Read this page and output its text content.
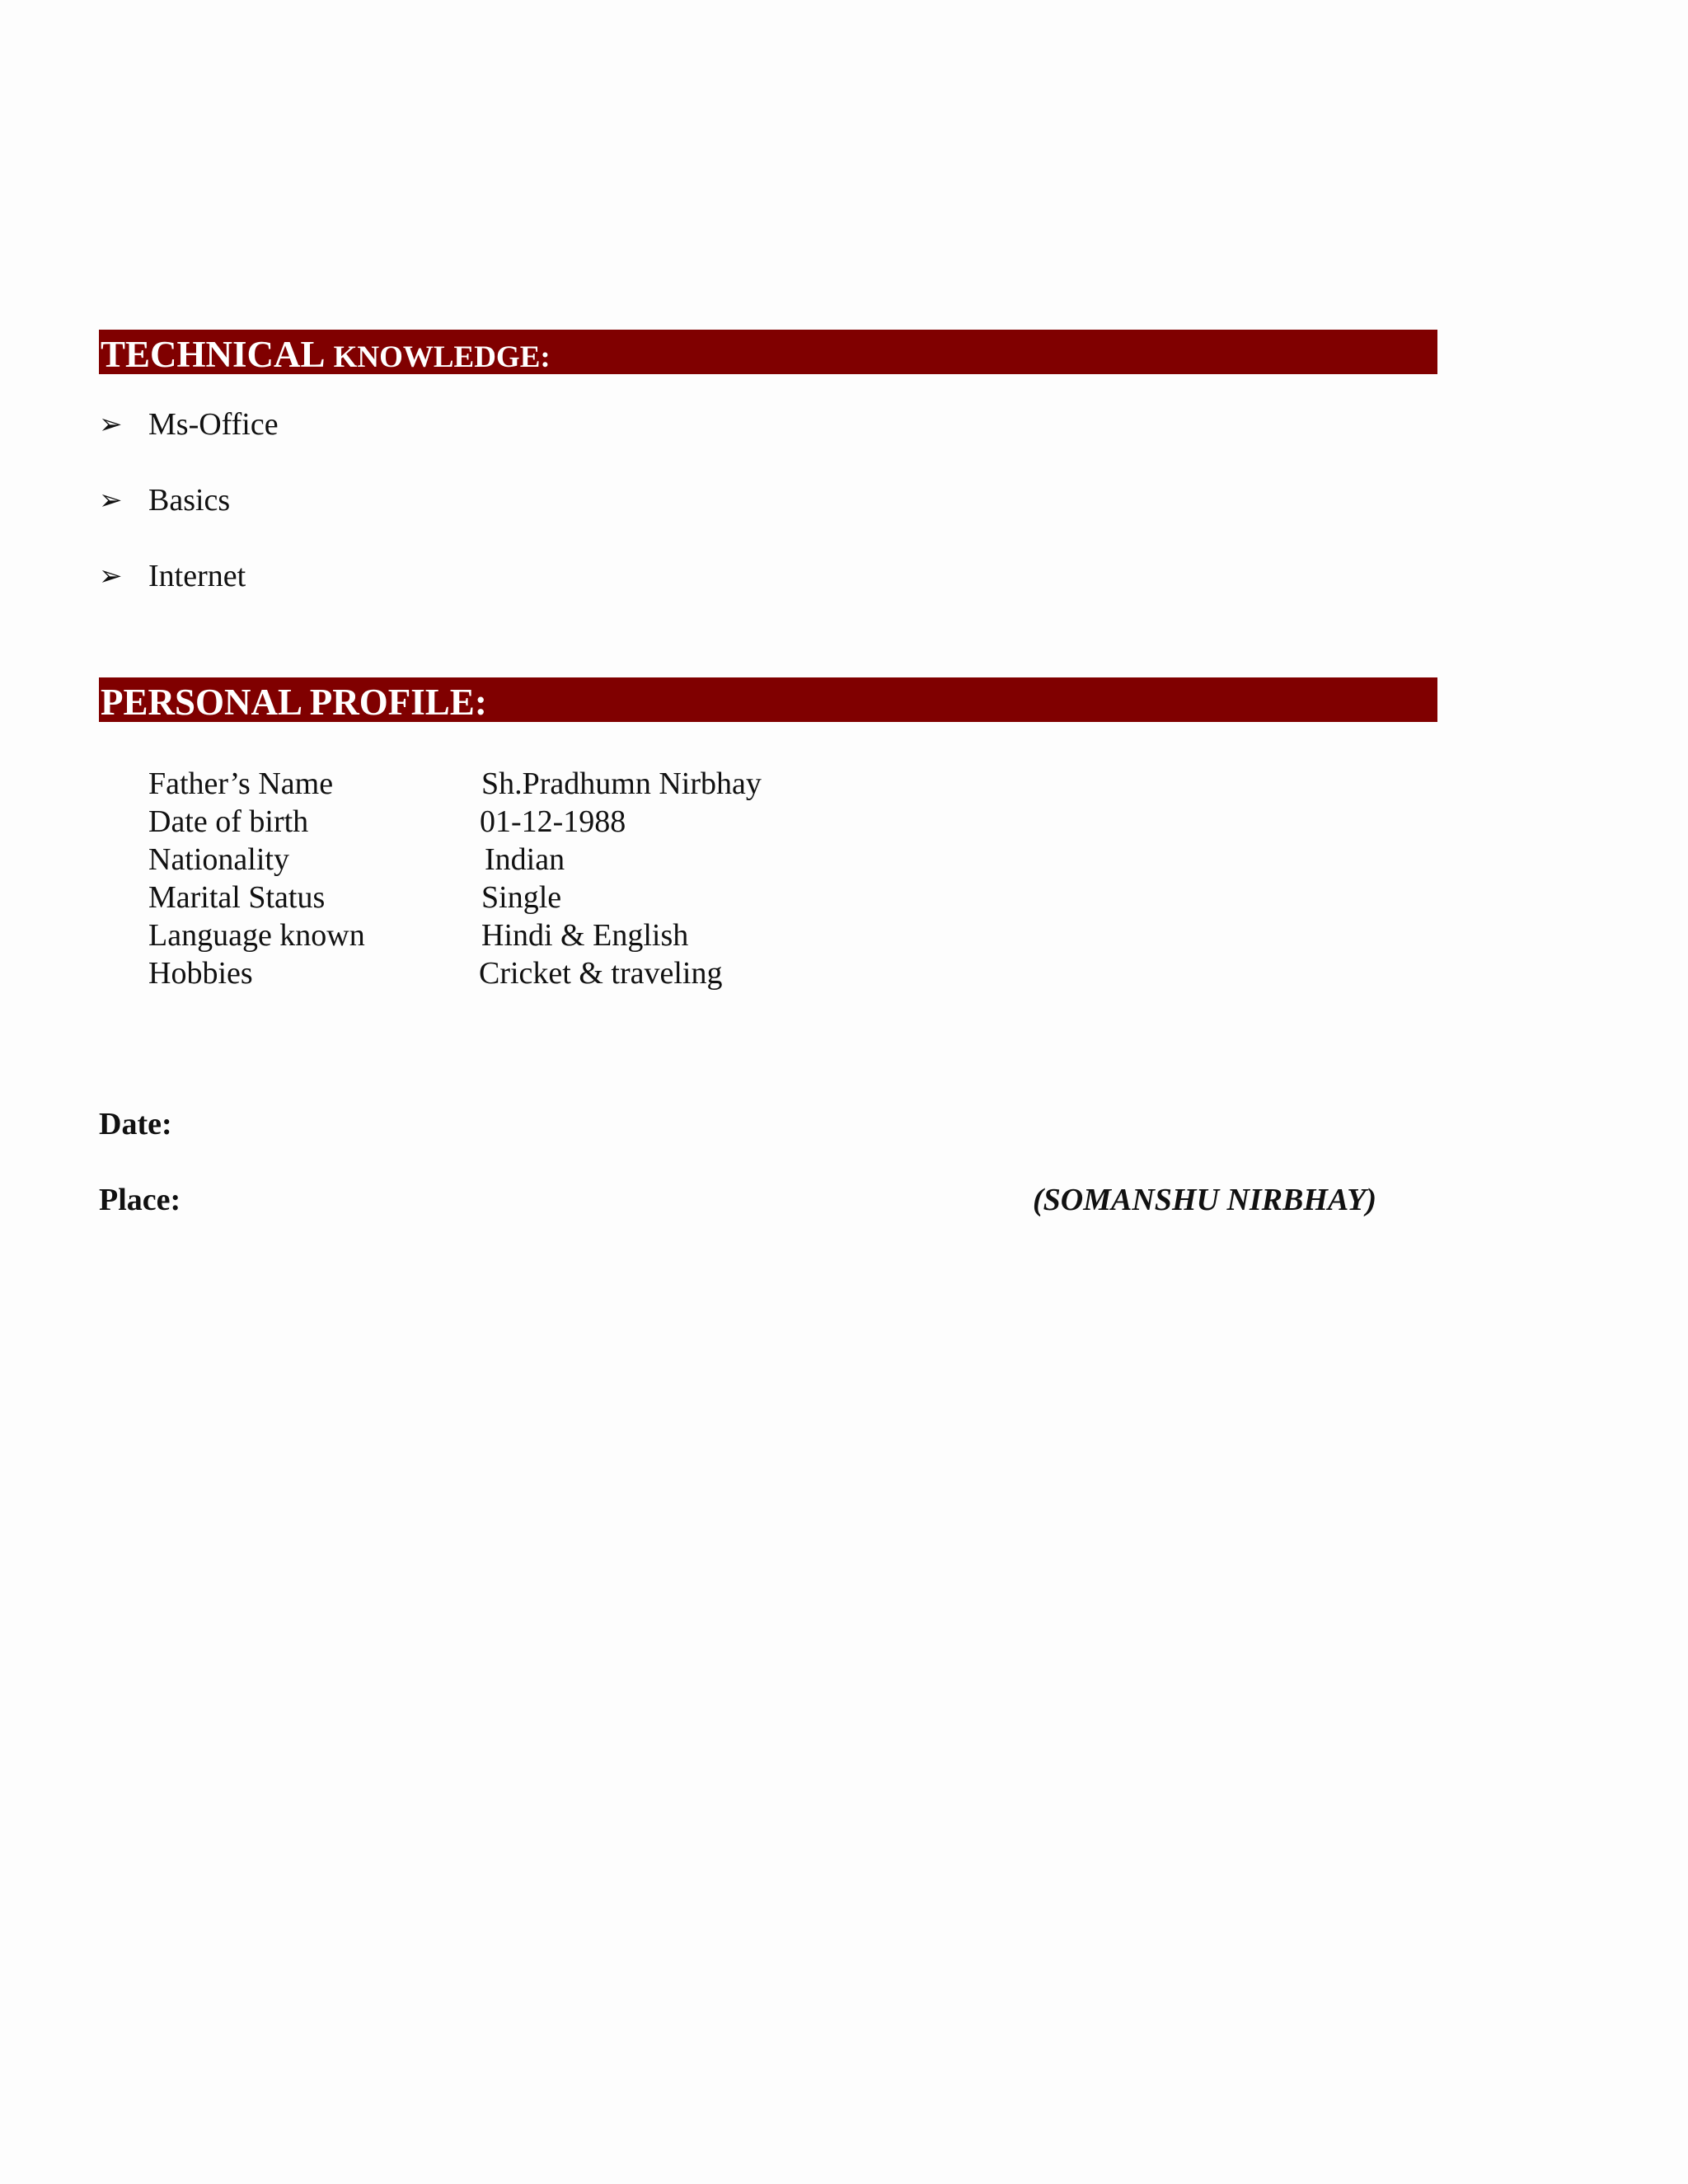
TECHNICAL KNOWLEDGE:
➢ Ms-Office
➢ Basics
➢ Internet
PERSONAL PROFILE:
Father’s Name	Sh.Pradhumn Nirbhay
Date of birth	01-12-1988
Nationality	Indian
Marital Status	Single
Language known	Hindi & English
Hobbies	Cricket & traveling
Date:
Place:	(SOMANSHU NIRBHAY)
